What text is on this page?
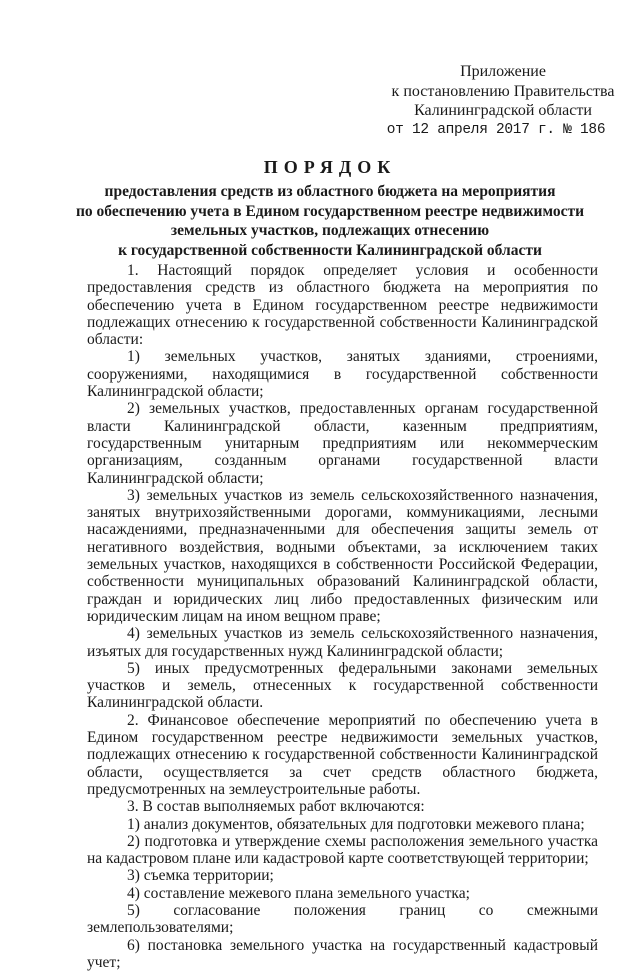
Приложение
к постановлению Правительства
Калининградской области
от 12 апреля 2017 г. № 186
ПОРЯДОК
предоставления средств из областного бюджета на мероприятия
по обеспечению учета в Едином государственном реестре недвижимости
земельных участков, подлежащих отнесению
к государственной собственности Калининградской области

1. Настоящий порядок определяет условия и особенности предоставления средств из областного бюджета на мероприятия по обеспечению учета в Едином государственном реестре недвижимости подлежащих отнесению к государственной собственности Калининградской области:

1) земельных участков, занятых зданиями, строениями, сооружениями, находящимися в государственной собственности Калининградской области;

2) земельных участков, предоставленных органам государственной власти Калининградской области, казенным предприятиям, государственным унитарным предприятиям или некоммерческим организациям, созданным органами государственной власти Калининградской области;

3) земельных участков из земель сельскохозяйственного назначения, занятых внутрихозяйственными дорогами, коммуникациями, лесными насаждениями, предназначенными для обеспечения защиты земель от негативного воздействия, водными объектами, за исключением таких земельных участков, находящихся в собственности Российской Федерации, собственности муниципальных образований Калининградской области, граждан и юридических лиц либо предоставленных физическим или юридическим лицам на ином вещном праве;

4) земельных участков из земель сельскохозяйственного назначения, изъятых для государственных нужд Калининградской области;

5) иных предусмотренных федеральными законами земельных участков и земель, отнесенных к государственной собственности Калининградской области.

2. Финансовое обеспечение мероприятий по обеспечению учета в Едином государственном реестре недвижимости земельных участков, подлежащих отнесению к государственной собственности Калининградской области, осуществляется за счет средств областного бюджета, предусмотренных на землеустроительные работы.

3. В состав выполняемых работ включаются:

1) анализ документов, обязательных для подготовки межевого плана;

2) подготовка и утверждение схемы расположения земельного участка на кадастровом плане или кадастровой карте соответствующей территории;

3) съемка территории;

4) составление межевого плана земельного участка;

5) согласование положения границ со смежными землепользователями;

6) постановка земельного участка на государственный кадастровый учет;
